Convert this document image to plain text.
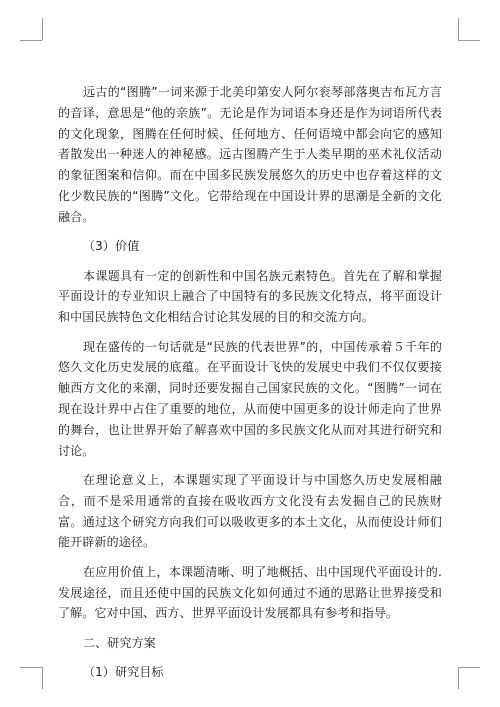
远古的“图腾”一词来源于北美印第安人阿尔衮琴部落奥吉布瓦方言的音译，意思是“他的亲族”。无论是作为词语本身还是作为词语所代表的文化现象，图腾在任何时候、任何地方、任何语境中都会向它的感知者散发出一种迷人的神秘感。远古图腾产生于人类早期的巫术礼仪活动的象征图案和信仰。而在中国多民族发展悠久的历史中也存着这样的文化少数民族的“图腾”文化。它带给现在中国设计界的思潮是全新的文化融合。

（3）价值

本课题具有一定的创新性和中国名族元素特色。首先在了解和掌握平面设计的专业知识上融合了中国特有的多民族文化特点，将平面设计和中国民族特色文化相结合讨论其发展的目的和交流方向。

现在盛传的一句话就是“民族的代表世界”的，中国传承着５千年的悠久文化历史发展的底蕴。在平面设计飞快的发展史中我们不仅仅要接触西方文化的来潮，同时还要发掘自己国家民族的文化。“图腾”一词在现在设计界中占住了重要的地位，从而使中国更多的设计师走向了世界的舞台，也让世界开始了解喜欢中国的多民族文化从而对其进行研究和讨论。

在理论意义上，本课题实现了平面设计与中国悠久历史发展相融合，而不是采用通常的直接在吸收西方文化没有去发掘自己的民族财富。通过这个研究方向我们可以吸收更多的本土文化，从而使设计师们能开辟新的途径。

在应用价值上，本课题清晰、明了地概括、出中国现代平面设计的.发展途径，而且还使中国的民族文化如何通过不通的思路让世界接受和了解。它对中国、西方、世界平面设计发展都具有参考和指导。

二、研究方案

（1）研究目标
